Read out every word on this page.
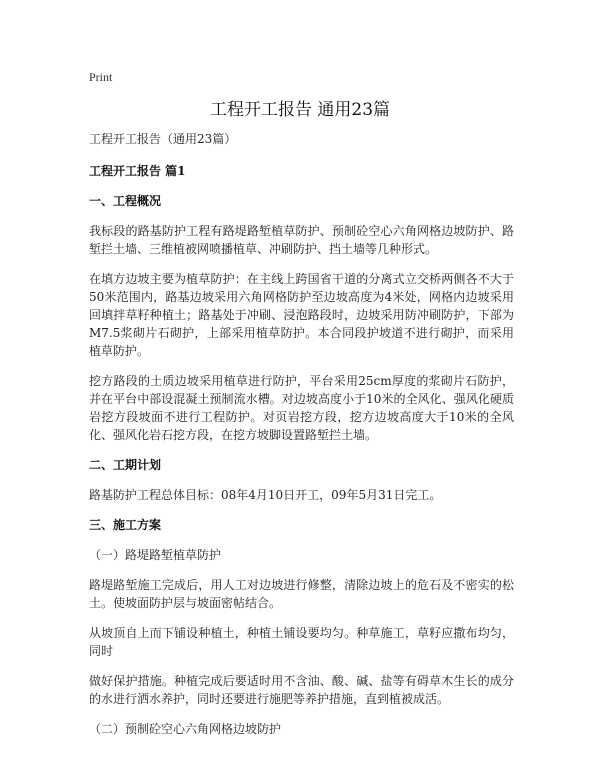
Print
工程开工报告 通用23篇

工程开工报告（通用23篇）

工程开工报告 篇1

一、工程概况

我标段的路基防护工程有路堤路堑植草防护、预制砼空心六角网格边坡防护、路堑拦土墙、三维植被网喷播植草、冲刷防护、挡土墙等几种形式。

在填方边坡主要为植草防护：在主线上跨国省干道的分离式立交桥两侧各不大于50米范围内，路基边坡采用六角网格防护至边坡高度为4米处，网格内边坡采用回填拌草籽种植土；路基处于冲刷、浸泡路段时，边坡采用防冲刷防护，下部为M7.5浆砌片石砌护，上部采用植草防护。本合同段护坡道不进行砌护，而采用植草防护。

挖方路段的土质边坡采用植草进行防护，平台采用25cm厚度的浆砌片石防护，并在平台中部设混凝土预制流水槽。对边坡高度小于10米的全风化、强风化硬质岩挖方段坡面不进行工程防护。对页岩挖方段，挖方边坡高度大于10米的全风化、强风化岩石挖方段，在挖方坡脚设置路堑拦土墙。

二、工期计划

路基防护工程总体目标：08年4月10日开工，09年5月31日完工。

三、施工方案

（一）路堤路堑植草防护

路堤路堑施工完成后，用人工对边坡进行修整，清除边坡上的危石及不密实的松土。使坡面防护层与坡面密帖结合。

从坡顶自上而下铺设种植土，种植土铺设要均匀。种草施工，草籽应撒布均匀，同时

做好保护措施。种植完成后要适时用不含油、酸、碱、盐等有碍草木生长的成分的水进行洒水养护，同时还要进行施肥等养护措施，直到植被成活。

（二）预制砼空心六角网格边坡防护
